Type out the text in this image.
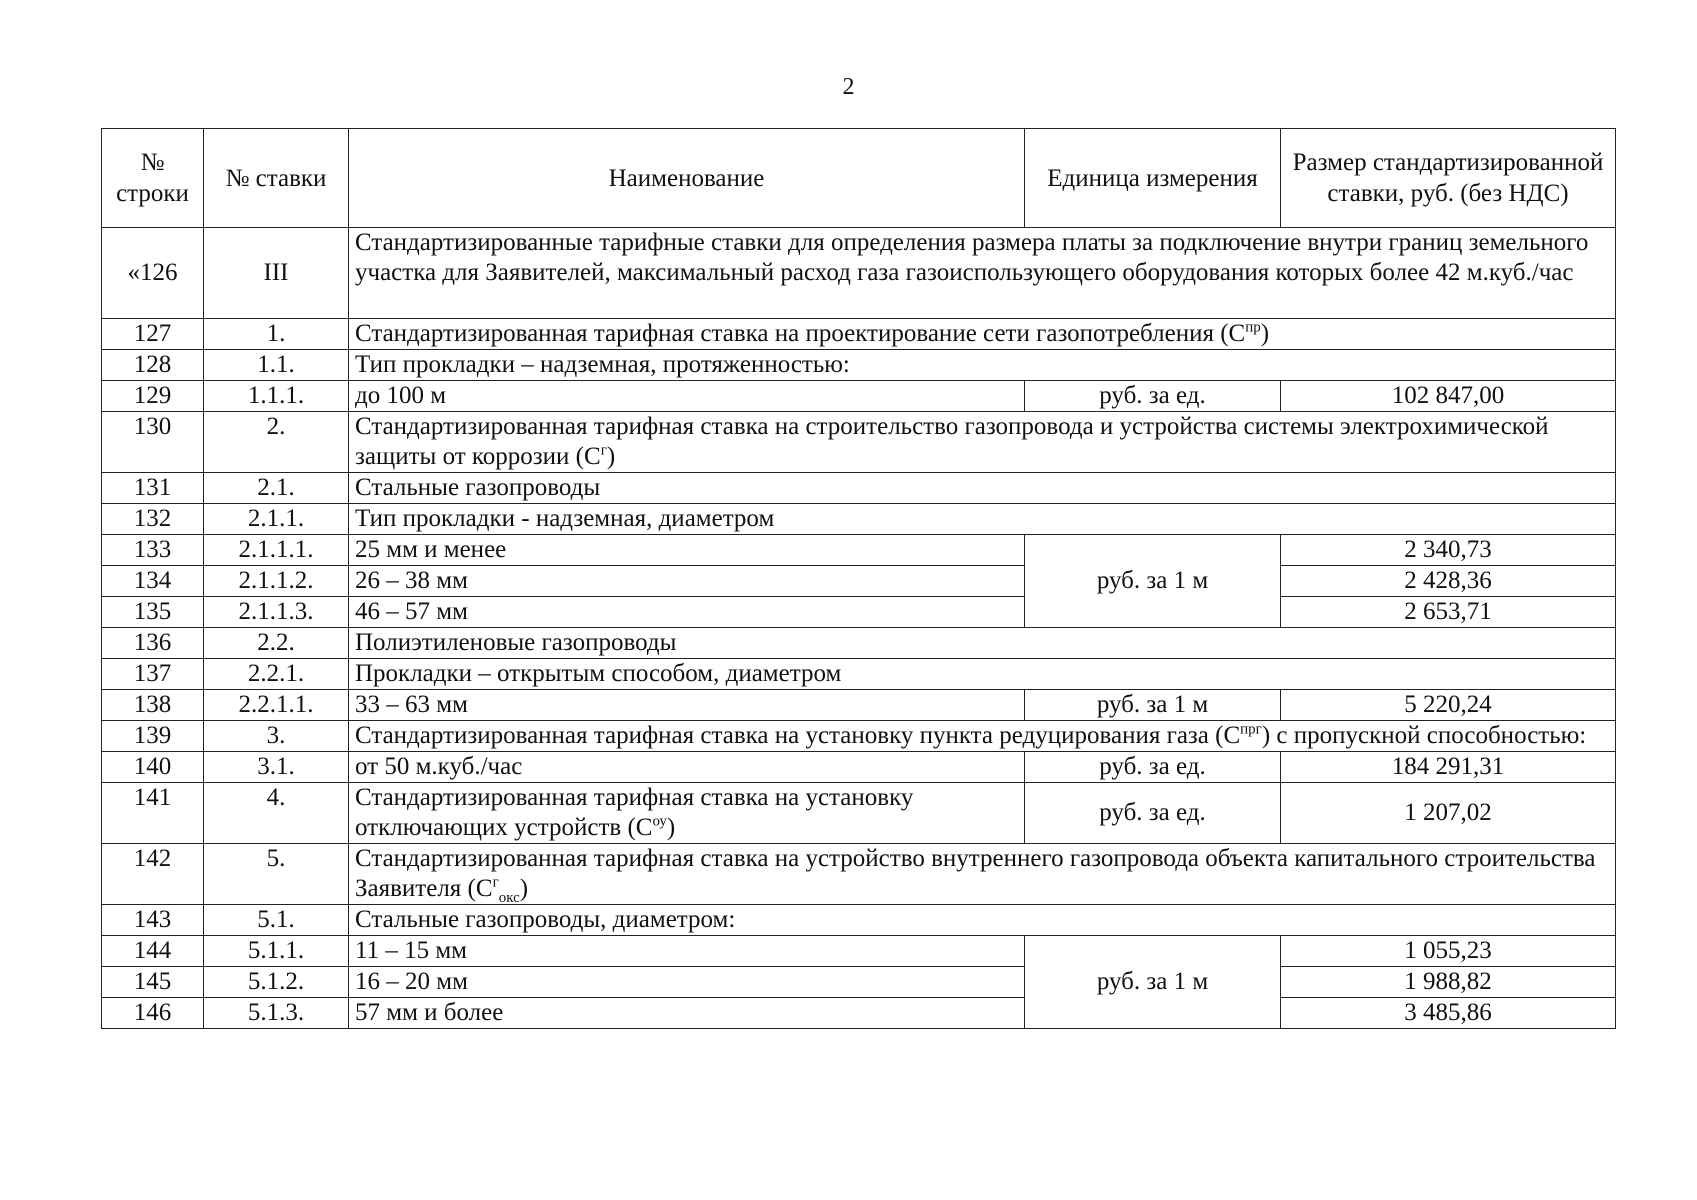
2
№ строки	№ ставки	Наименование	Единица измерения	Размер стандартизированной ставки, руб. (без НДС)
«126	III	Стандартизированные тарифные ставки для определения размера платы за подключение внутри границ земельного участка для Заявителей, максимальный расход газа газоиспользующего оборудования которых более 42 м.куб./час		
127	1.	Стандартизированная тарифная ставка на проектирование сети газопотребления $(С^{пр})$		
128	1.1.	Тип прокладки – надземная, протяженностью:		
129	1.1.1.	до 100 м	руб. за ед.	102 847,00
130	2.	Стандартизированная тарифная ставка на строительство газопровода и устройства системы электрохимической защиты от коррозии $(С^г)$		
131	2.1.	Стальные газопроводы		
132	2.1.1.	Тип прокладки - надземная, диаметром		
133	2.1.1.1.	25 мм и менее	руб. за 1 м	2 340,73
134	2.1.1.2.	26 – 38 мм		2 428,36
135	2.1.1.3.	46 – 57 мм		2 653,71
136	2.2.	Полиэтиленовые газопроводы		
137	2.2.1.	Прокладки – открытым способом, диаметром		
138	2.2.1.1.	33 – 63 мм	руб. за 1 м	5 220,24
139	3.	Стандартизированная тарифная ставка на установку пункта редуцирования газа $(С^{прг})$ с пропускной способностью:		
140	3.1.	от 50 м.куб./час	руб. за ед.	184 291,31
141	4.	Стандартизированная тарифная ставка на установку отключающих устройств $(С^{оу})$	руб. за ед.	1 207,02
142	5.	Стандартизированная тарифная ставка на устройство внутреннего газопровода объекта капитального строительства Заявителя $(С^г_{окс})$		
143	5.1.	Стальные газопроводы, диаметром:		
144	5.1.1.	11 – 15 мм	руб. за 1 м	1 055,23
145	5.1.2.	16 – 20 мм		1 988,82
146	5.1.3.	57 мм и более		3 485,86
